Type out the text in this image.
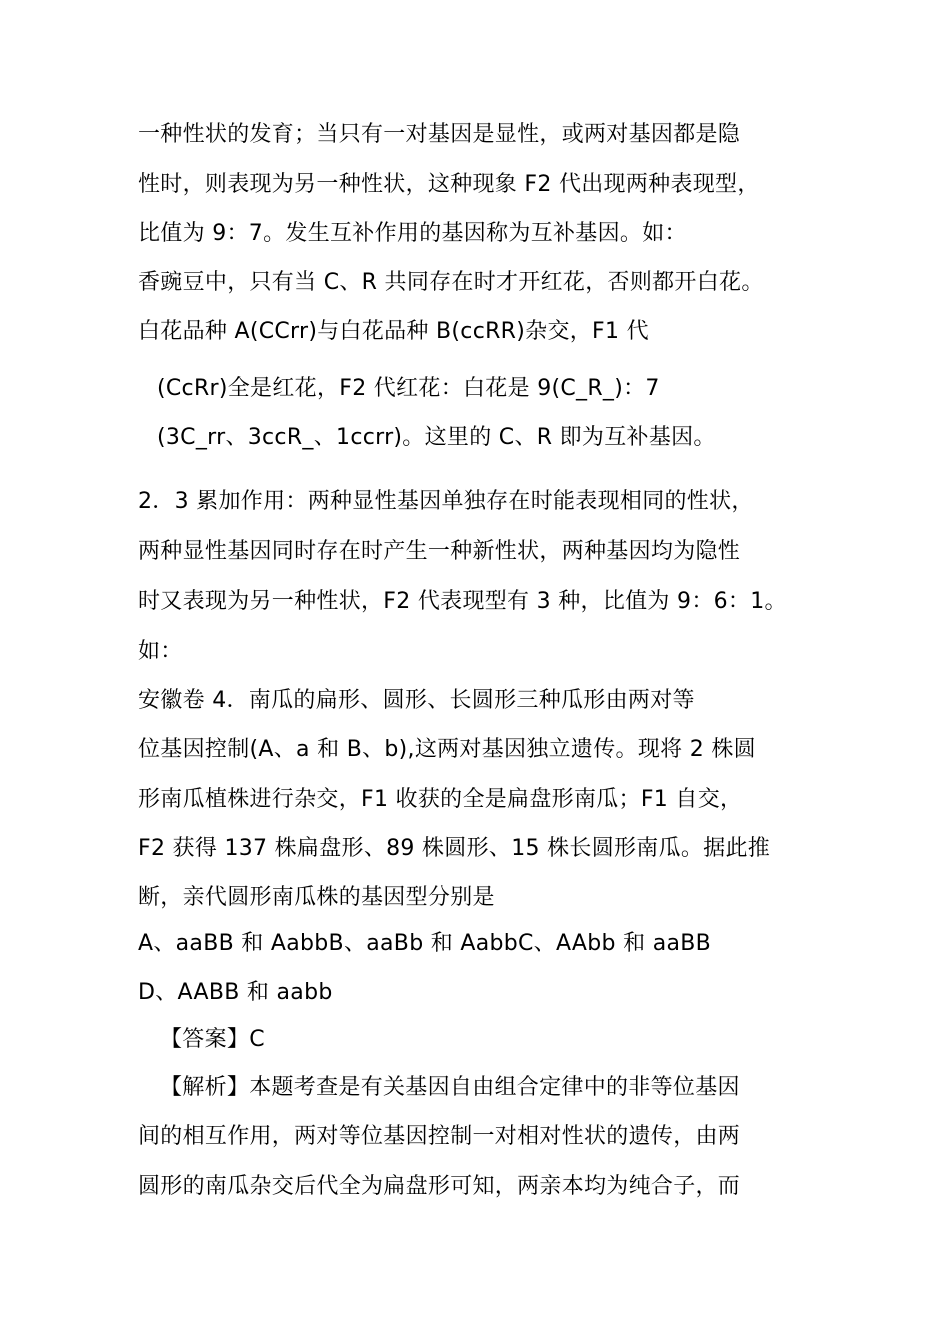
一种性状的发育；当只有一对基因是显性，或两对基因都是隐
性时，则表现为另一种性状，这种现象 F2 代出现两种表现型，
比值为 9：7。发生互补作用的基因称为互补基因。如：
香豌豆中，只有当 C、R 共同存在时才开红花，否则都开白花。
白花品种 A(CCrr)与白花品种 B(ccRR)杂交，F1 代
(CcRr)全是红花，F2 代红花：白花是 9(C_R_)：7
(3C_rr、3ccR_、1ccrr)。这里的 C、R 即为互补基因。
2．3 累加作用：两种显性基因单独存在时能表现相同的性状，
两种显性基因同时存在时产生一种新性状，两种基因均为隐性
时又表现为另一种性状，F2 代表现型有 3 种，比值为 9：6：1。
如：
安徽卷 4．南瓜的扁形、圆形、长圆形三种瓜形由两对等
位基因控制(A、a 和 B、b),这两对基因独立遗传。现将 2 株圆
形南瓜植株进行杂交，F1 收获的全是扁盘形南瓜；F1 自交，
F2 获得 137 株扁盘形、89 株圆形、15 株长圆形南瓜。据此推
断，亲代圆形南瓜株的基因型分别是
A、aaBB 和 AabbB、aaBb 和 AabbC、AAbb 和 aaBB
D、AABB 和 aabb
【答案】C
【解析】本题考查是有关基因自由组合定律中的非等位基因
间的相互作用，两对等位基因控制一对相对性状的遗传，由两
圆形的南瓜杂交后代全为扁盘形可知，两亲本均为纯合子，而
